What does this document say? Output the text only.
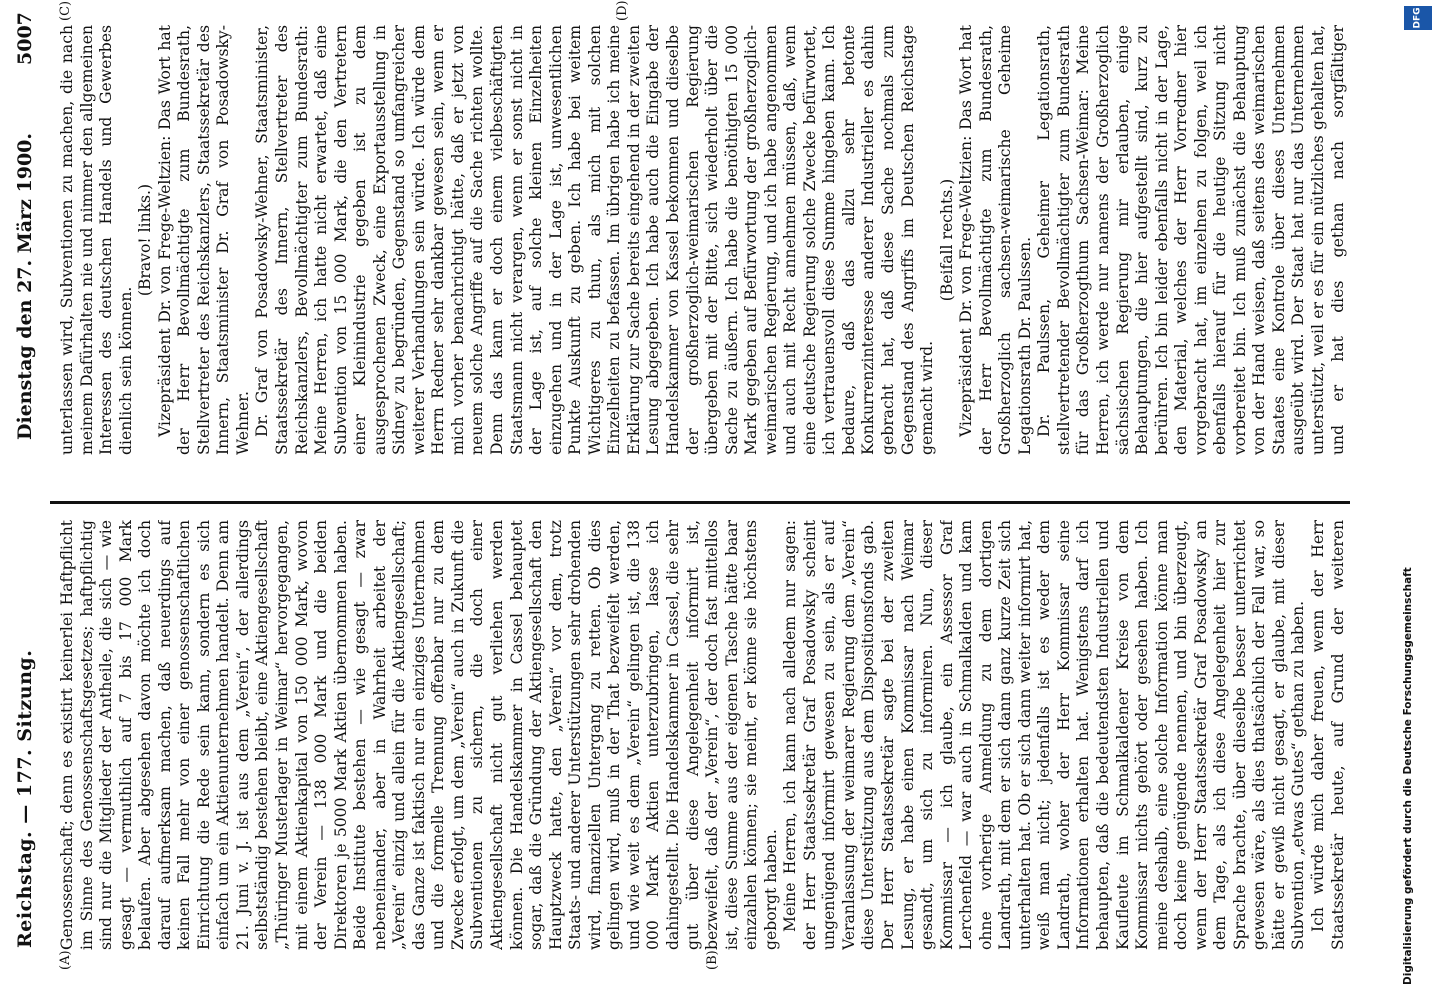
Reichstag. — 177. Sitzung.
Dienstag den 27. März 1900.
5007
(A)	(B)
(C)	(D)

Genossenschaft; denn es existirt keinerlei Haftpflicht im Sinne des Genossenschaftsgesetzes; haftpflichtig sind nur die Mitglieder der Antheile, die sich — wie gesagt — vermuthlich auf 7 bis 17 000 Mark belaufen. Aber abgesehen davon möchte ich doch darauf aufmerksam machen, daß neuerdings auf keinen Fall mehr von einer genossenschaftlichen Einrichtung die Rede sein kann, sondern es sich einfach um ein Aktienunternehmen handelt. Denn am 21. Juni v. J. ist aus dem „Verein“, der allerdings selbstständig bestehen bleibt, eine Aktiengesellschaft „Thüringer Musterlager in Weimar“ hervorgegangen, mit einem Aktienkapital von 150 000 Mark, wovon der Verein — 138 000 Mark und die beiden Direktoren je 5000 Mark Aktien übernommen haben. Beide Institute bestehen — wie gesagt — zwar nebeneinander, aber in Wahrheit arbeitet der „Verein“ einzig und allein für die Aktiengesellschaft; das Ganze ist faktisch nur ein einziges Unternehmen und die formelle Trennung offenbar nur zu dem Zwecke erfolgt, um dem „Verein“ auch in Zukunft die Subventionen zu sichern, die doch einer Aktiengesellschaft nicht gut verliehen werden können. Die Handelskammer in Cassel behauptet sogar, daß die Gründung der Aktiengesellschaft den Hauptzweck hatte, den „Verein“ vor dem, trotz Staats- und anderer Unterstützungen sehr drohenden wird, finanziellen Untergang zu retten. Ob dies gelingen wird, muß in der That bezweifelt werden, und wie weit es dem „Verein“ gelingen ist, die 138 000 Mark Aktien unterzubringen, lasse ich dahingestellt. Die Handelskammer in Cassel, die sehr gut über diese Angelegenheit informirt ist, bezweifelt, daß der „Verein“, der doch fast mittellos ist, diese Summe aus der eigenen Tasche hätte baar einzahlen können; sie meint, er könne sie höchstens geborgt haben. Meine Herren, ich kann nach alledem nur sagen: der Herr Staatssekretär Graf Posadowsky scheint ungenügend informirt gewesen zu sein, als er auf Veranlassung der weimarer Regierung dem „Verein“ diese Unterstützung aus dem Dispositionsfonds gab. Der Herr Staatssekretär sagte bei der zweiten Lesung, er habe einen Kommissar nach Weimar gesandt, um sich zu informiren. Nun, dieser Kommissar — ich glaube, ein Assessor Graf Lerchenfeld — war auch in Schmalkalden und kam ohne vorherige Anmeldung zu dem dortigen Landrath, mit dem er sich dann ganz kurze Zeit sich unterhalten hat. Ob er sich dann weiter informirt hat, weiß man nicht; jedenfalls ist es weder dem Landrath, woher der Herr Kommissar seine Informationen erhalten hat. Wenigstens darf ich behaupten, daß die bedeutendsten Industriellen und Kaufleute im Schmalkaldener Kreise von dem Kommissar nichts gehört oder gesehen haben. Ich meine deshalb, eine solche Information könne man doch keine genügende nennen, und bin überzeugt, wenn der Herr Staatssekretär Graf Posadowsky an dem Tage, als ich diese Angelegenheit hier zur Sprache brachte, über dieselbe besser unterrichtet gewesen wäre, als dies thatsächlich der Fall war, so hätte er gewiß nicht gesagt, er glaube, mit dieser Subvention „etwas Gutes“ gethan zu haben. Ich würde mich daher freuen, wenn der Herr Staatssekretär heute, auf Grund der weiteren

unterlassen wird, Subventionen zu machen, die nach meinem Dafürhalten nie und nimmer den allgemeinen Interessen des deutschen Handels und Gewerbes dienlich sein können.

(Bravo! links.) Vizepräsident Dr. von Frege-Weltzien: Das Wort hat der Herr Bevollmächtigte zum Bundesrath, Stellvertreter des Reichskanzlers, Staatssekretär des Innern, Staatsminister Dr. Graf von Posadowsky-Wehner. Dr. Graf von Posadowsky-Wehner, Staatsminister, Staatssekretär des Innern, Stellvertreter des Reichskanzlers, Bevollmächtigter zum Bundesrath: Meine Herren, ich hatte nicht erwartet, daß eine Subvention von 15 000 Mark, die den Vertretern einer Kleinindustrie gegeben ist zu dem ausgesprochenen Zweck, eine Exportausstellung in Sidney zu begründen, Gegenstand so umfangreicher weiterer Verhandlungen sein würde. Ich würde dem Herrn Redner sehr dankbar gewesen sein, wenn er mich vorher benachrichtigt hätte, daß er jetzt von neuem solche Angriffe auf die Sache richten wollte. Denn das kann er doch einem vielbeschäftigten Staatsmann nicht verargen, wenn er sonst nicht in der Lage ist, auf solche kleinen Einzelheiten einzugehen und in der Lage ist, unwesentlichen Punkte Auskunft zu geben. Ich habe bei weitem Wichtigeres zu thun, als mich mit solchen Einzelheiten zu befassen. Im übrigen habe ich meine Erklärung zur Sache bereits eingehend in der zweiten Lesung abgegeben. Ich habe auch die Eingabe der Handelskammer von Kassel bekommen und dieselbe der großherzoglich-weimarischen Regierung übergeben mit der Bitte, sich wiederholt über die Sache zu äußern. Ich habe die benöthigten 15 000 Mark gegeben auf Befürwortung der großherzoglich-weimarischen Regierung, und ich habe angenommen und auch mit Recht annehmen müssen, daß, wenn eine deutsche Regierung solche Zwecke befürwortet, ich vertrauensvoll diese Summe hingeben kann. Ich bedaure, daß das allzu sehr betonte Konkurrenzinteresse anderer Industrieller es dahin gebracht hat, daß diese Sache nochmals zum Gegenstand des Angriffs im Deutschen Reichstage gemacht wird.

(Beifall rechts.) Vizepräsident Dr. von Frege-Weltzien: Das Wort hat der Herr Bevollmächtigte zum Bundesrath, Großherzoglich sachsen-weimarische Geheime Legationsrath Dr. Paulssen. Dr. Paulssen, Geheimer Legationsrath, stellvertretender Bevollmächtigter zum Bundesrath für das Großherzogthum Sachsen-Weimar: Meine Herren, ich werde nur namens der Großherzoglich sächsischen Regierung mir erlauben, einige Behauptungen, die hier aufgestellt sind, kurz zu berühren. Ich bin leider ebenfalls nicht in der Lage, den Material, welches der Herr Vorredner hier vorgebracht hat, im einzelnen zu folgen, weil ich ebenfalls hierauf für die heutige Sitzung nicht vorbereitet bin. Ich muß zunächst die Behauptung von der Hand weisen, daß seitens des weimarischen Staates eine Kontrole über dieses Unternehmen ausgeübt wird. Der Staat hat nur das Unternehmen unterstützt, weil er es für ein nützliches gehalten hat, und er hat dies gethan nach sorgfältiger

DFG
Digitalisierung gefördert durch die Deutsche Forschungsgemeinschaft
